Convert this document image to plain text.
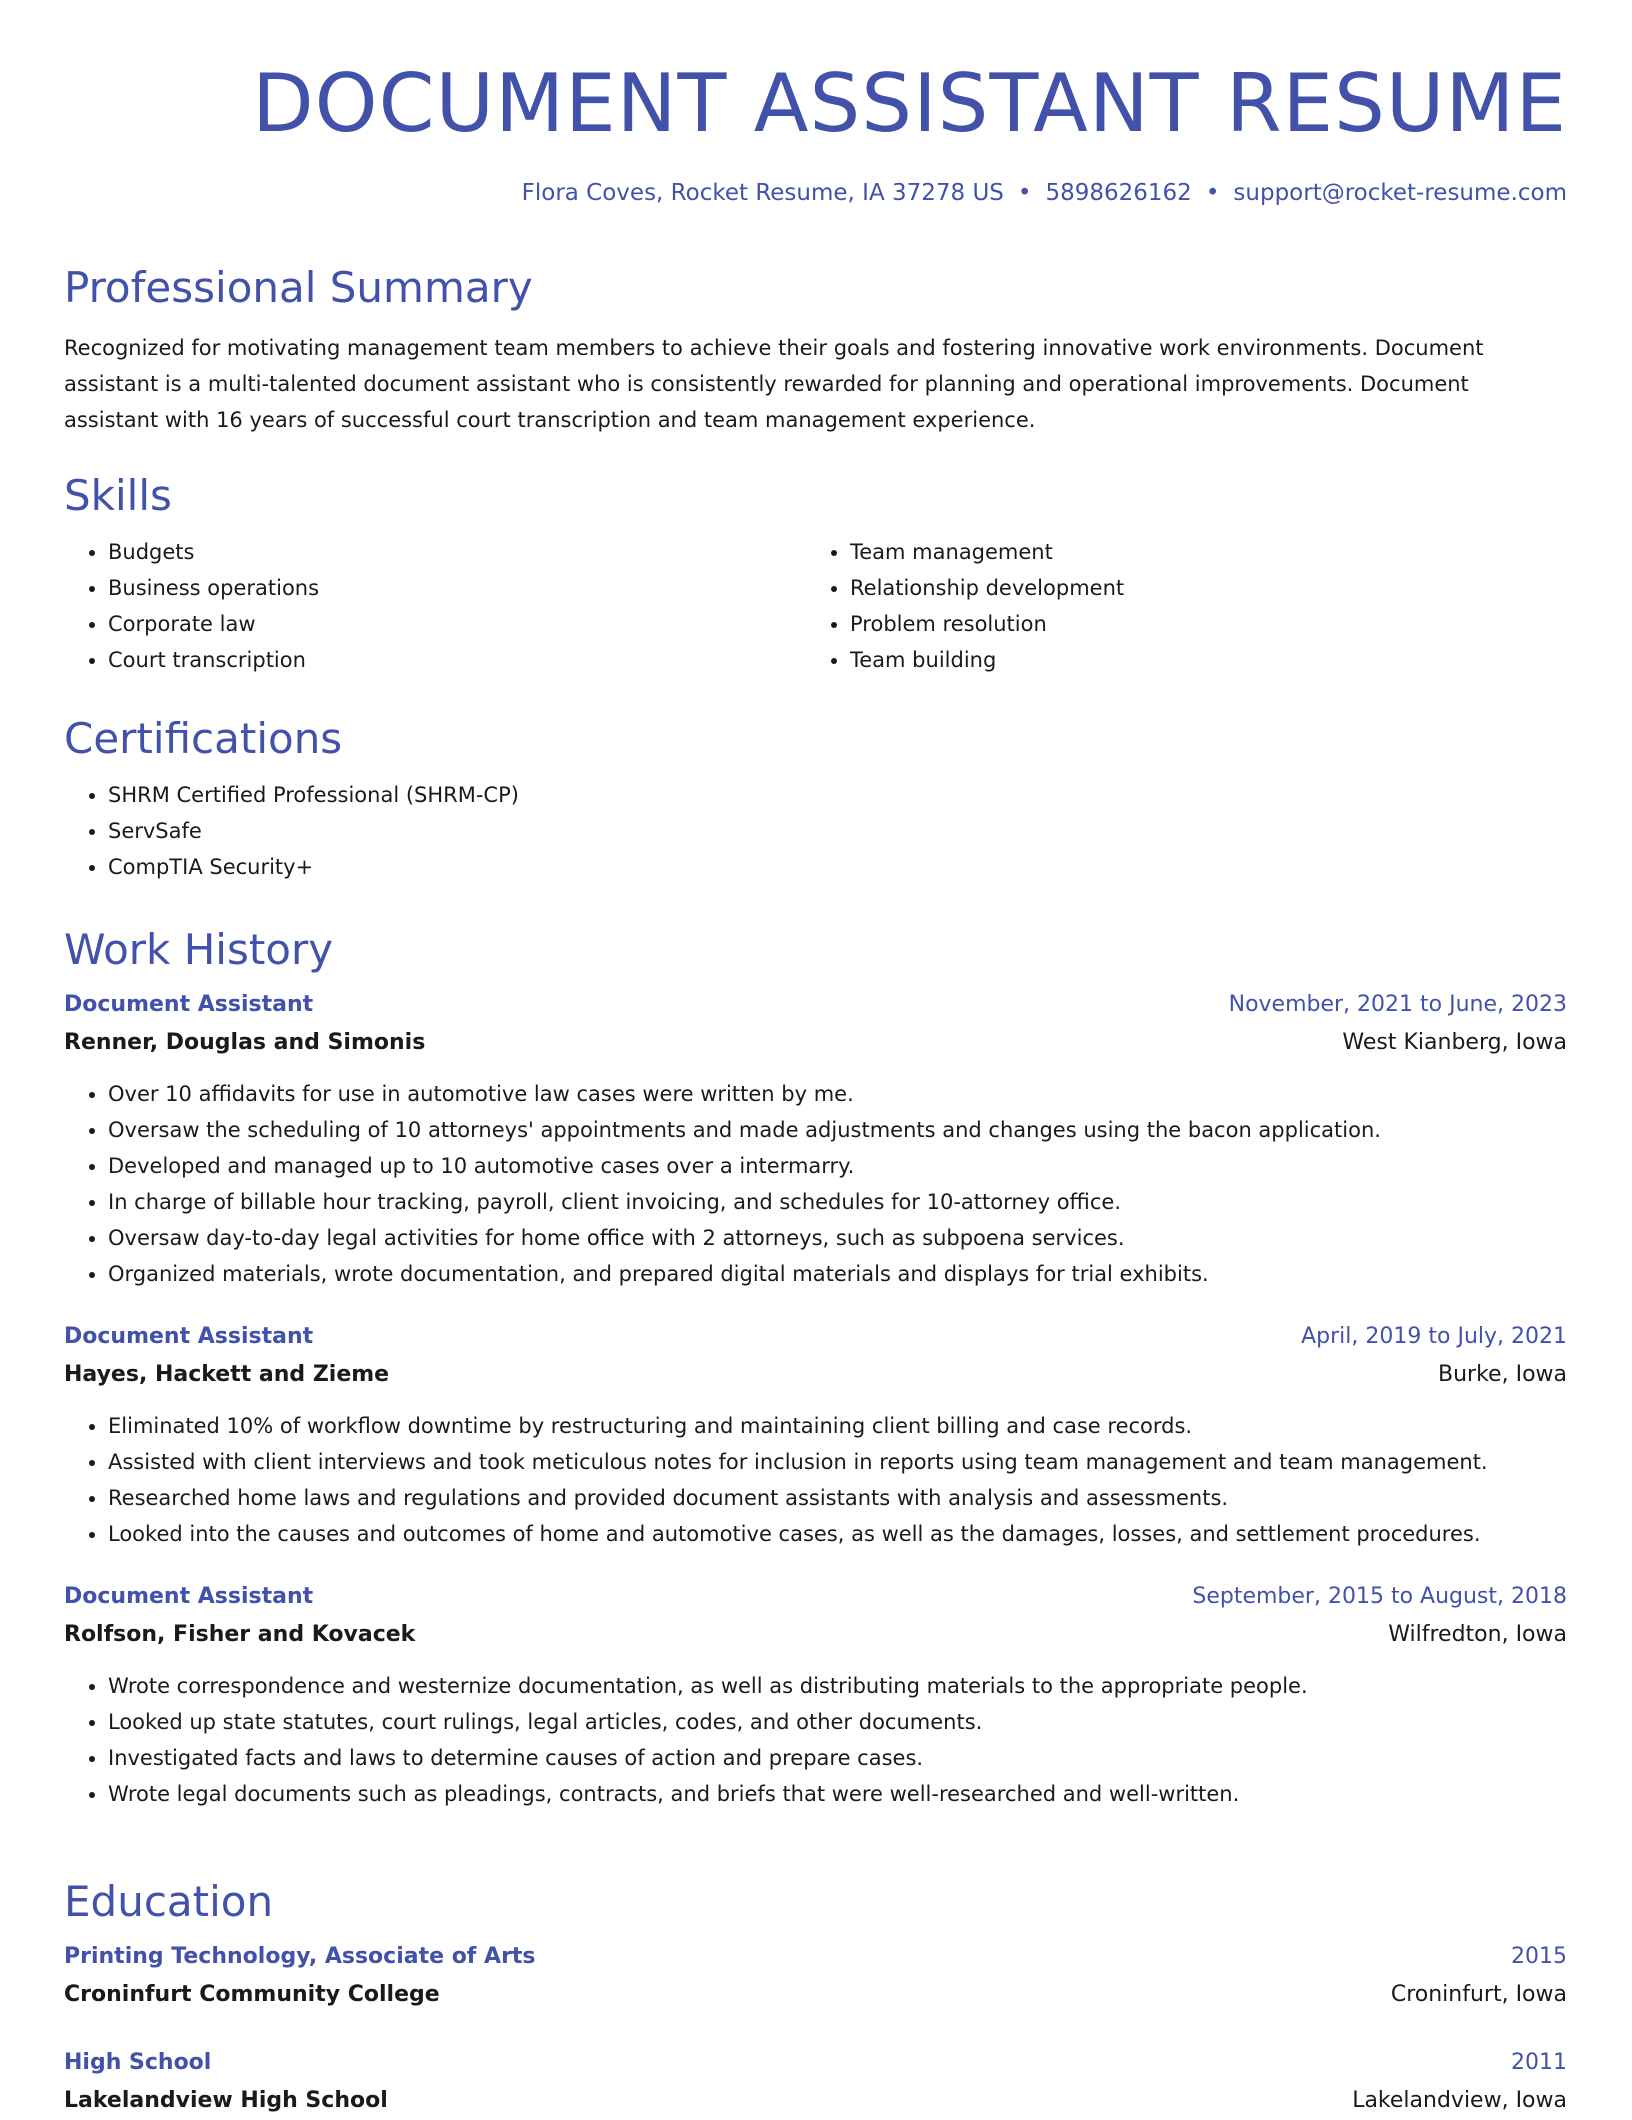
DOCUMENT ASSISTANT RESUME
Flora Coves, Rocket Resume, IA 37278 US • 5898626162 • support@rocket-resume.com
Professional Summary

Recognized for motivating management team members to achieve their goals and fostering innovative work environments. Document assistant is a multi-talented document assistant who is consistently rewarded for planning and operational improvements. Document assistant with 16 years of successful court transcription and team management experience.

Skills
• Budgets
• Business operations
• Corporate law
• Court transcription
• Team management
• Relationship development
• Problem resolution
• Team building
Certifications
• SHRM Certified Professional (SHRM-CP)
• ServSafe
• CompTIA Security+
Work History
Document Assistant	November, 2021 to June, 2023
Renner, Douglas and Simonis	West Kianberg, Iowa
• Over 10 affidavits for use in automotive law cases were written by me.
• Oversaw the scheduling of 10 attorneys' appointments and made adjustments and changes using the bacon application.
• Developed and managed up to 10 automotive cases over a intermarry.
• In charge of billable hour tracking, payroll, client invoicing, and schedules for 10-attorney office.
• Oversaw day-to-day legal activities for home office with 2 attorneys, such as subpoena services.
• Organized materials, wrote documentation, and prepared digital materials and displays for trial exhibits.
Document Assistant	April, 2019 to July, 2021
Hayes, Hackett and Zieme	Burke, Iowa
• Eliminated 10% of workflow downtime by restructuring and maintaining client billing and case records.
• Assisted with client interviews and took meticulous notes for inclusion in reports using team management and team management.
• Researched home laws and regulations and provided document assistants with analysis and assessments.
• Looked into the causes and outcomes of home and automotive cases, as well as the damages, losses, and settlement procedures.
Document Assistant	September, 2015 to August, 2018
Rolfson, Fisher and Kovacek	Wilfredton, Iowa
• Wrote correspondence and westernize documentation, as well as distributing materials to the appropriate people.
• Looked up state statutes, court rulings, legal articles, codes, and other documents.
• Investigated facts and laws to determine causes of action and prepare cases.
• Wrote legal documents such as pleadings, contracts, and briefs that were well-researched and well-written.
Education
Printing Technology, Associate of Arts	2015
Croninfurt Community College	Croninfurt, Iowa
High School	2011
Lakelandview High School	Lakelandview, Iowa
